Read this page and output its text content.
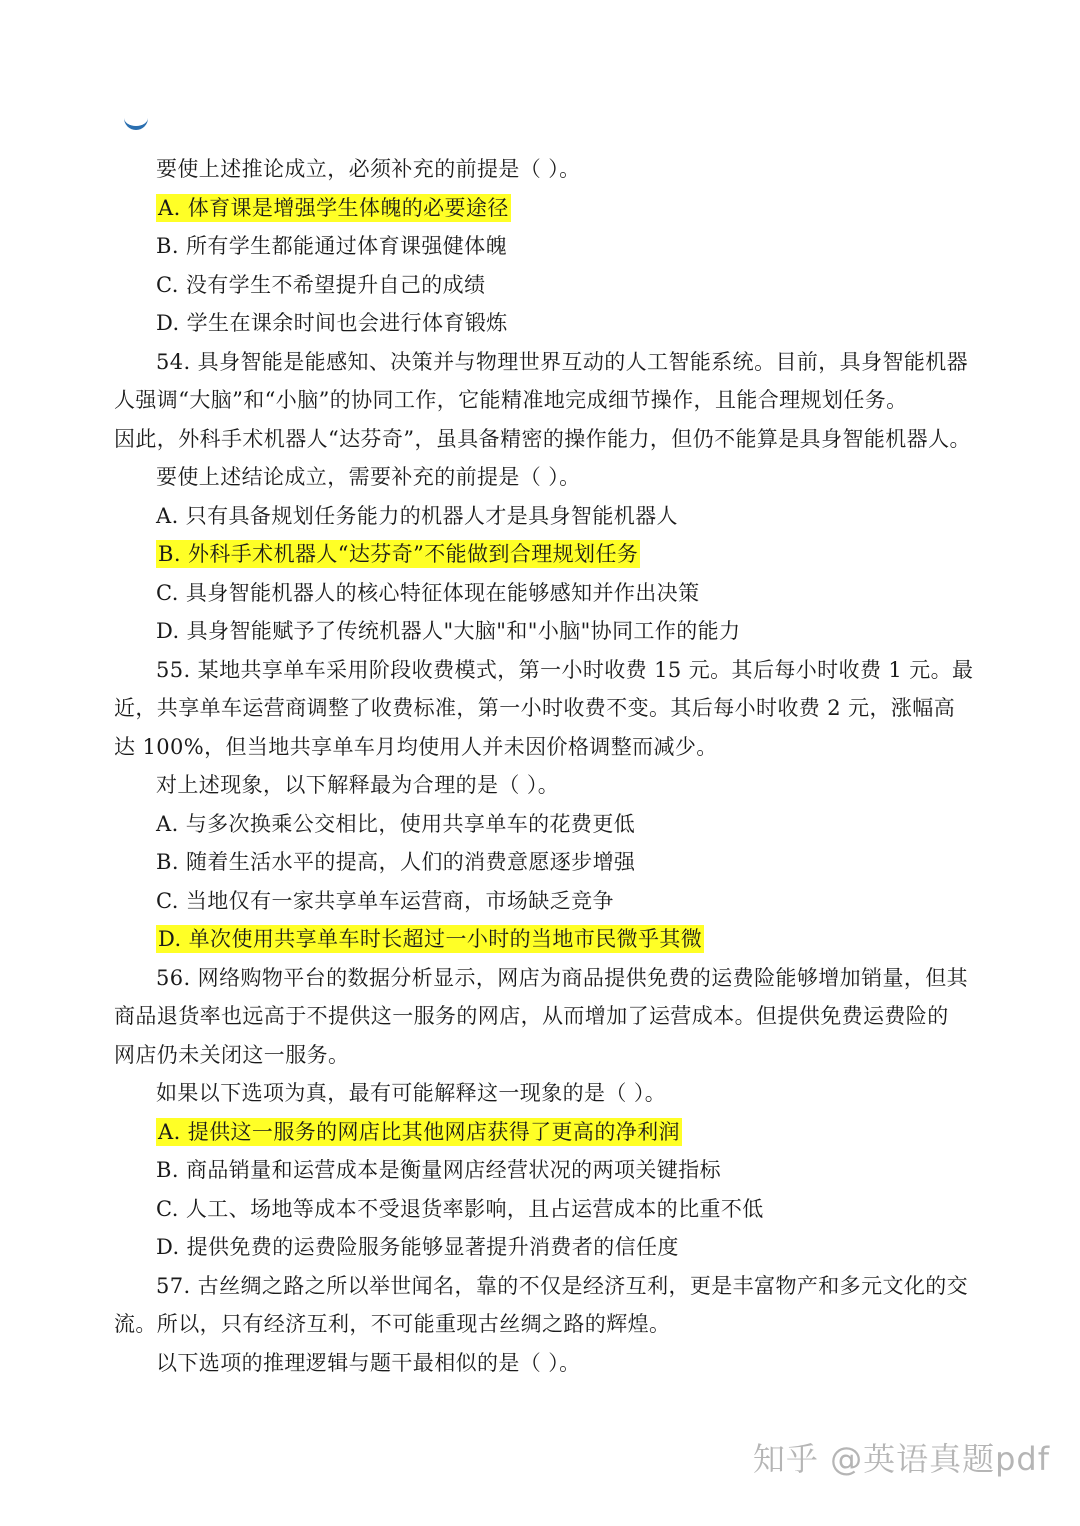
要使上述推论成立，必须补充的前提是（ ）。
A. 体育课是增强学生体魄的必要途径
B. 所有学生都能通过体育课强健体魄
C. 没有学生不希望提升自己的成绩
D. 学生在课余时间也会进行体育锻炼
54. 具身智能是能感知、决策并与物理世界互动的人工智能系统。目前，具身智能机器
人强调“大脑”和“小脑”的协同工作，它能精准地完成细节操作，且能合理规划任务。
因此，外科手术机器人“达芬奇”，虽具备精密的操作能力，但仍不能算是具身智能机器人。
要使上述结论成立，需要补充的前提是（ ）。
A. 只有具备规划任务能力的机器人才是具身智能机器人
B. 外科手术机器人“达芬奇”不能做到合理规划任务
C. 具身智能机器人的核心特征体现在能够感知并作出决策
D. 具身智能赋予了传统机器人"大脑"和"小脑"协同工作的能力
55. 某地共享单车采用阶段收费模式，第一小时收费 15 元。其后每小时收费 1 元。最
近，共享单车运营商调整了收费标准，第一小时收费不变。其后每小时收费 2 元，涨幅高
达 100%，但当地共享单车月均使用人并未因价格调整而减少。
对上述现象，以下解释最为合理的是（ ）。
A. 与多次换乘公交相比，使用共享单车的花费更低
B. 随着生活水平的提高，人们的消费意愿逐步增强
C. 当地仅有一家共享单车运营商，市场缺乏竞争
D. 单次使用共享单车时长超过一小时的当地市民微乎其微
56. 网络购物平台的数据分析显示，网店为商品提供免费的运费险能够增加销量，但其
商品退货率也远高于不提供这一服务的网店，从而增加了运营成本。但提供免费运费险的
网店仍未关闭这一服务。
如果以下选项为真，最有可能解释这一现象的是（ ）。
A. 提供这一服务的网店比其他网店获得了更高的净利润
B. 商品销量和运营成本是衡量网店经营状况的两项关键指标
C. 人工、场地等成本不受退货率影响，且占运营成本的比重不低
D. 提供免费的运费险服务能够显著提升消费者的信任度
57. 古丝绸之路之所以举世闻名，靠的不仅是经济互利，更是丰富物产和多元文化的交
流。所以，只有经济互利，不可能重现古丝绸之路的辉煌。
以下选项的推理逻辑与题干最相似的是（ ）。
知乎 @英语真题pdf
